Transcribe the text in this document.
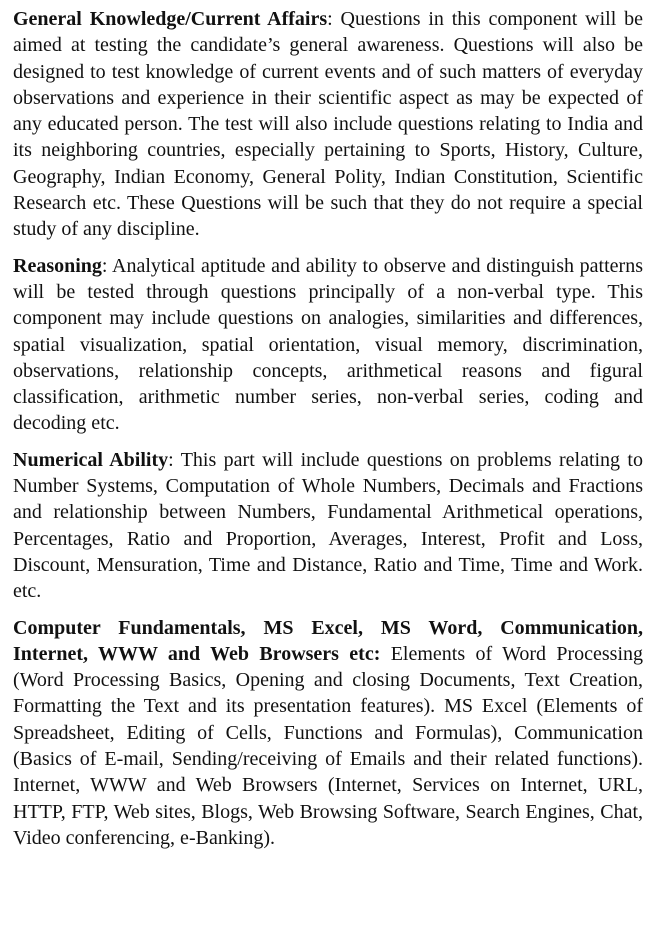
General Knowledge/Current Affairs: Questions in this component will be aimed at testing the candidate’s general awareness. Questions will also be designed to test knowledge of current events and of such matters of everyday observations and experience in their scientific aspect as may be expected of any educated person. The test will also include questions relating to India and its neighboring countries, especially pertaining to Sports, History, Culture, Geography, Indian Economy, General Polity, Indian Constitution, Scientific Research etc. These Questions will be such that they do not require a special study of any discipline.

Reasoning: Analytical aptitude and ability to observe and distinguish patterns will be tested through questions principally of a non-verbal type. This component may include questions on analogies, similarities and differences, spatial visualization, spatial orientation, visual memory, discrimination, observations, relationship concepts, arithmetical reasons and figural classification, arithmetic number series, non-verbal series, coding and decoding etc.

Numerical Ability: This part will include questions on problems relating to Number Systems, Computation of Whole Numbers, Decimals and Fractions and relationship between Numbers, Fundamental Arithmetical operations, Percentages, Ratio and Proportion, Averages, Interest, Profit and Loss, Discount, Mensuration, Time and Distance, Ratio and Time, Time and Work. etc.

Computer Fundamentals, MS Excel, MS Word, Communication, Internet, WWW and Web Browsers etc: Elements of Word Processing (Word Processing Basics, Opening and closing Documents, Text Creation, Formatting the Text and its presentation features). MS Excel (Elements of Spreadsheet, Editing of Cells, Functions and Formulas), Communication (Basics of E-mail, Sending/receiving of Emails and their related functions). Internet, WWW and Web Browsers (Internet, Services on Internet, URL, HTTP, FTP, Web sites, Blogs, Web Browsing Software, Search Engines, Chat, Video conferencing, e-Banking).
